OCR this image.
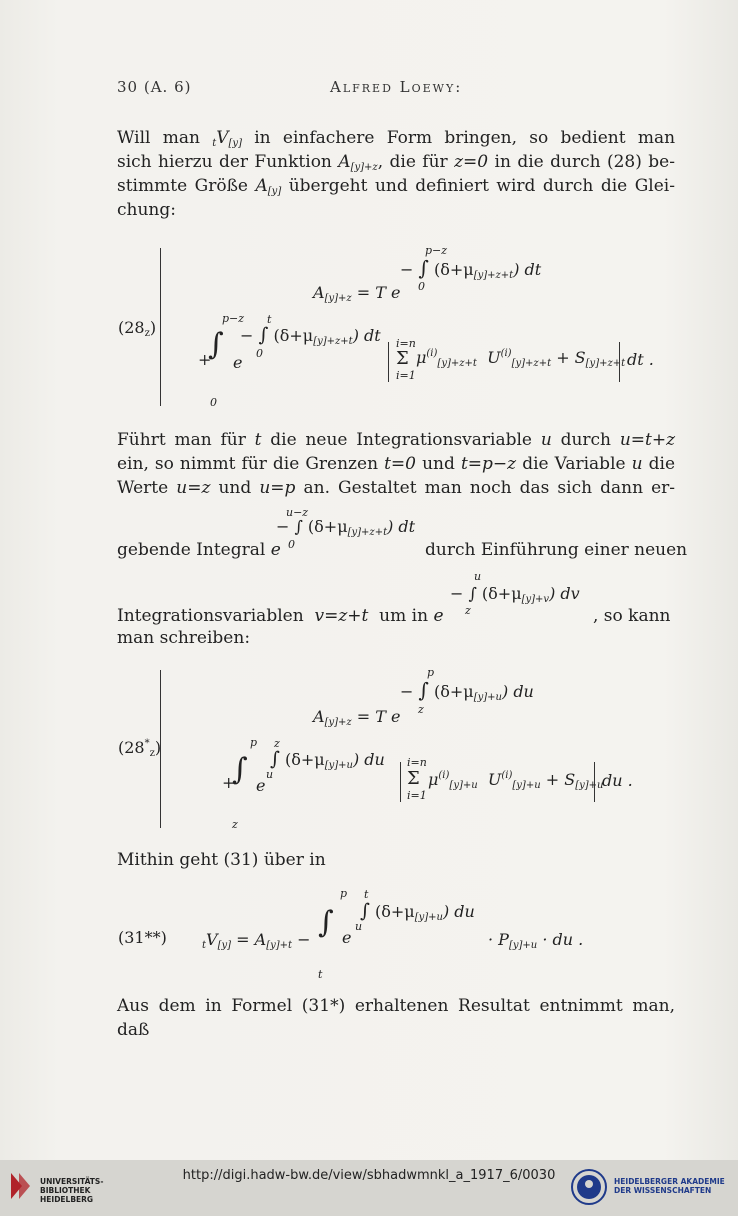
30 (A. 6)	Alfred Loewy:
Will man $_tV_{[y]}$ in einfachere Form bringen, so bedient man
sich hierzu der Funktion $A_{[y]+z}$, die für z=0 in die durch (28) be-
stimmte Größe $A_{[y]}$ übergeht und definiert wird durch die Glei-
chung:
$(28_z)$
$A_{[y]+z} = T$ e
p−z
0
− ∫ $(\delta+\mu_{[y]+z+t})$ dt
+
p−z
∫
0
e
t
0
− ∫ $(\delta+\mu_{[y]+z+t})$ dt i=n
Σ
i=1
$\mu^{(i)}_{[y]+z+t}$ $U^{(i)}_{[y]+z+t} + S_{[y]+z+t}$ dt .
Führt man für t die neue Integrationsvariable u durch u=t+z
ein, so nimmt für die Grenzen t=0 und t=p−z die Variable u die
Werte u=z und u=p an. Gestaltet man noch das sich dann er-
u−z
− ∫ $(\delta+\mu_{[y]+z+t})$ dt
0
gebende Integral e	durch Einführung einer neuen
u
− ∫ $(\delta+\mu_{[y]+v})$ dv
z
Integrationsvariablen v=z+t um in e	, so kann
man schreiben:
$(28^*_z)$
$A_{[y]+z} = T$ e
p
z
− ∫ $(\delta+\mu_{[y]+u})$ du
+
p
∫
z
e
z
u
∫ $(\delta+\mu_{[y]+u})$ du i=n
Σ
i=1
$\mu^{(i)}_{[y]+u}$ $U^{(i)}_{[y]+u} + S_{[y]+u}$
du .
Mithin geht (31) über in
(31**)	$_tV_{[y]} = A_{[y]+t}$ −
p
∫
t
e
t
u
∫ $(\delta+\mu_{[y]+u})$ du
· $P_{[y]+u}$ · du .
Aus dem in Formel (31*) erhaltenen Resultat entnimmt man,
daß
UNIVERSITÄTS-
BIBLIOTHEK
HEIDELBERG
http://digi.hadw-bw.de/view/sbhadwmnkl_a_1917_6/0030	HEIDELBERGER AKADEMIE
DER WISSENSCHAFTEN
